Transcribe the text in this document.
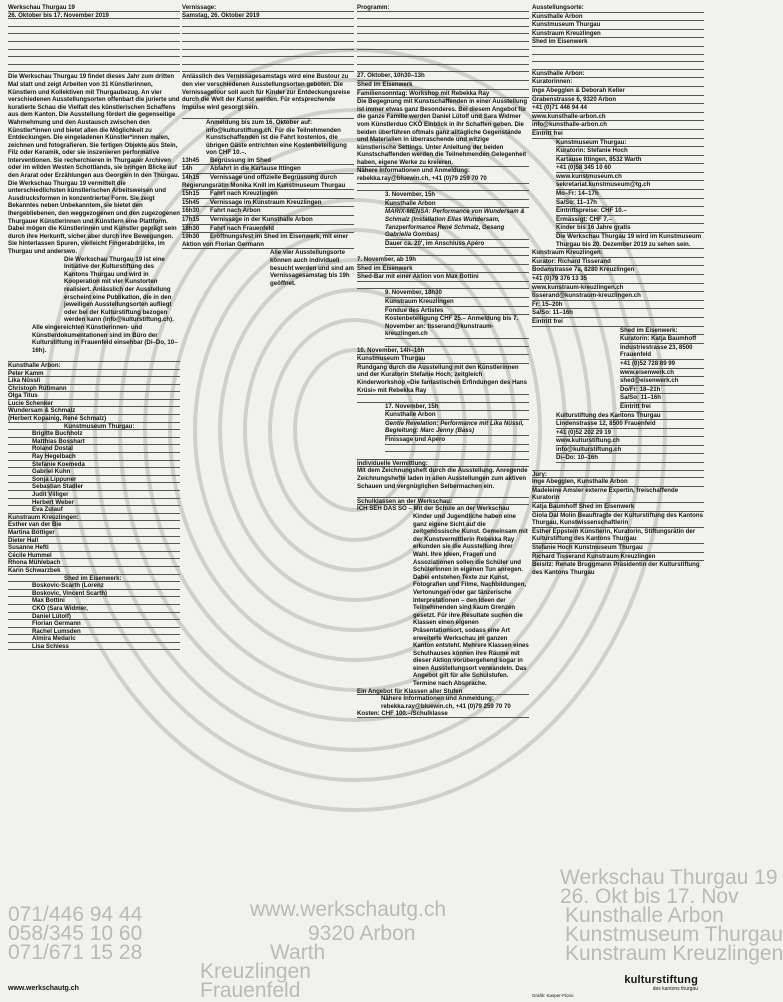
Werkschau Thurgau 19
26. Okt bis 17. Nov
Kunsthalle Arbon
Kunstmuseum Thurgau
Kunstraum Kreuzlingen
www.werkschautg.ch
071/446 94 44
058/345 10 60
071/671 15 28
9320 Arbon
Warth
Kreuzlingen
Frauenfeld
Werkschau Thurgau 19
26. Oktober bis 17. November 2019
Die Werkschau Thurgau 19 findet dieses Jahr zum dritten Mal statt und zeigt Arbeiten von 31 Künstlerinnen, Künstlern und Kollektiven mit Thurgaubezug. An vier verschiedenen Ausstellungsorten offenbart die jurierte und kuratierte Schau die Vielfalt des künstlerischen Schaffens aus dem Kanton. Die Ausstellung fördert die gegenseitige Wahrnehmung und den Austausch zwischen den Künstler*innen und bietet allen die Möglichkeit zu Entdeckungen. Die eingeladenen Künstler*innen malen, zeichnen und fotografieren. Sie fertigen Objekte aus Stein, Filz oder Keramik, oder sie inszenieren performative Interventionen. Sie recherchieren in Thurgauer Archiven oder im wilden Westen Schottlands, sie bringen Blicke auf den Ararat oder Erzählungen aus Georgien in den Thurgau. Die Werkschau Thurgau 19 vermittelt die unterschiedlichsten künstlerischen Arbeitsweisen und Ausdrucksformen in konzentrierter Form. Sie zeigt Bekanntes neben Unbekanntem, sie bietet den Ihergebliebenen, den weggezogenen und den zugezogenen Thurgauer Künstlerinnen und Künstlern eine Plattform. Dabei mögen die Künstlerinnen und Künstler geprägt sein durch ihre Herkunft, sicher aber durch ihre Bewegungen. Sie hinterlassen Spuren, vielleicht Fingerabdrücke, im Thurgau und anderswo.
Die Werkschau Thurgau 19 ist eine Initiative der Kulturstiftung des Kantons Thurgau und wird in Kooperation mit vier Kunstorten realisiert. Anlässlich der Ausstellung erscheint eine Publikation, die in den jeweiligen Ausstellungsorten aufliegt oder bei der Kulturstiftung bezogen werden kann (info@kulturstiftung.ch).
Alle eingereichten Künstlerinnen- und Künstlerdokumentationen sind im Büro der Kulturstiftung in Frauenfeld einsehbar (Di–Do, 10–16h).
Kunsthalle Arbon:
Peter Kamm
Lika Nüssli
Christoph Rütimann
Olga Titus
Lucie Schenker
Wundersam & Schmalz
(Herbert Kopainig, René Schmalz)
Kunstmuseum Thurgau:
Brigitte Buchholz
Matthias Bosshart
Roland Dostal
Ray Hegelbach
Stefanie Koemeda
Gabriel Kuhn
Sonja Lippuner
Sebastian Stadler
Judit Villiger
Herbert Weber
Eva Zulauf
Kunstraum Kreuzlingen:
Esther van der Bie
Martina Böttiger
Dieter Hall
Susanne Hefti
Cécile Hummel
Rhona Mühlebach
Karin Schwarzbek
Shed im Eisenwerk:
Boskovic-Scarth (Lorenz
Boskovic, Vincent Scarth)
Max Bottini
CKÖ (Sara Widmer,
Daniel Lütolf)
Florian Germann
Rachel Lumsden
Almira Medaric
Lisa Schiess
Vernissage:
Samstag, 26. Oktober 2019
Anlässlich des Vernissagesamstags wird eine Bustour zu den vier verschiedenen Ausstellungsorten geboten. Die Vernissagetour soll auch für Kinder zur Entdeckungsreise durch die Welt der Kunst werden. Für entsprechende Impulse wird gesorgt sein.
Anmeldung bis zum 16. Oktober auf: info@kulturstiftung.ch. Für die Teilnehmenden Kunstschaffenden ist die Fahrt kostenlos, die übrigen Gäste entrichten eine Kostenbeteiligung von CHF 10.–.
13h45 Begrüssung im Shed
14h	Abfahrt in die Kartause Ittingen
14h15 Vernissage und offizielle Begrüssung durch Regierungsrätin Monika Knill im Kunstmuseum Thurgau
15h15 Fahrt nach Kreuzlingen
15h45 Vernissage im Kunstraum Kreuzlingen
16h30 Fahrt nach Arbon
17h15 Vernissage in der Kunsthalle Arbon
18h30 Fahrt nach Frauenfeld
19h30 Eröffnungsfest im Shed im Eisenwerk, mit einer Aktion von Florian Germann
Alle vier Ausstellungsorte können auch individuell besucht werden und sind am Vernissagesamstag bis 19h geöffnet.
Programm:
27. Oktober, 10h30–13h
Shed im Eisenwerk
Familiensonntag: Workshop mit Rebekka Ray
Die Begegnung mit Kunstschaffenden in einer Ausstellung ist immer etwas ganz Besonderes. Bei diesem Angebot für die ganze Familie werden Daniel Lütolf und Sara Widmer vom Künstlerduo CKÖ Einblick in ihr Schaffen geben. Die beiden überführen oftmals ganz alltägliche Gegenstände und Materialien in überraschende und witzige künstlerische Settings. Unter Anleitung der beiden Kunstschaffenden werden die Teilnehmenden Gelegenheit haben, eigene Werke zu kreieren.
Nähere Informationen und Anmeldung: rebekka.ray@bluewin.ch, +41 (0)79 259 70 70
3. November, 15h
Kunsthalle Arbon
MARIX-MENSA: Performance von Wundersam & Schmalz (Installation Ellas Wundersam, Tanzperformance René Schmalz, Gesang Gabriella Gombas)
Dauer ca. 20', im Anschluss Apéro
7. November, ab 19h
Shed im Eisenwerk
Shed-Bar mit einer Aktion von Max Bottini
9. November, 18h30
Kunstraum Kreuzlingen
Fondue des Artistes
Kostenbeteiligung CHF 25.– Anmeldung bis 7. November an: tisserand@kunstraum-kreuzlingen.ch
10. November, 14h–16h
Kunstmuseum Thurgau
Rundgang durch die Ausstellung mit den Künstlerinnen und der Kuratorin Stefanie Hoch; zeitgleich Kinderworkshop «Die fantastischen Erfindungen des Hans Krüsi» mit Rebekka Ray
17. November, 15h
Kunsthalle Arbon
Gentle Revelation: Performance mit Lika Nüssli, Begleitung: Marc Jenny (Bass)
Finissage und Apéro
Individuelle Vermittlung:
Mit dem Zeichnungsheft durch die Ausstellung. Anregende Zeichnungshefte laden in allen Ausstellungen zum aktiven Schauen und vergnüglichen Selbermachen ein.
Schulklassen an der Werkschau:
ICH SEH DAS SO – Mit der Schule an der Werkschau
Kinder und Jugendliche haben eine ganz eigene Sicht auf die zeitgenössische Kunst. Gemeinsam mit der Kunstvermittlerin Rebekka Ray erkunden sie die Ausstellung ihrer Wahl. Ihre Ideen, Fragen und Assoziationen sollen die Schüler und Schülerinnen in eigenen Tun anregen. Dabei entstehen Texte zur Kunst, Fotografien und Filme, Nachbildungen, Vertonungen oder gar tänzerische Interpretationen – den Ideen der Teilnehmenden sind kaum Grenzen gesetzt. Für ihre Resultate suchen die Klassen einen eigenen Präsentationsort, sodass eine Art erweiterte Werkschau im ganzen Kanton entsteht. Mehrere Klassen eines Schulhauses können ihre Räume mit dieser Aktion vorübergehend sogar in einen Ausstellungsort verwandeln. Das Angebot gilt für alle Schulstufen. Termine nach Absprache.
Ein Angebot für Klassen aller Stufen
Nähere Informationen und Anmeldung: rebekka.ray@bluewin.ch, +41 (0)79 259 70 70
Kosten: CHF 100.–/Schulklasse
Ausstellungsorte:
Kunsthalle Arbon
Kunstmuseum Thurgau
Kunstraum Kreuzlingen
Shed im Eisenwerk
Kunsthalle Arbon:
Kuratorinnen:
Inge Abegglen & Deborah Keller
Grabenstrasse 6, 9320 Arbon
+41 (0)71 446 94 44
www.kunsthalle-arbon.ch
info@kunsthalle-arbon.ch
Eintritt frei
Kunstmuseum Thurgau:
Kuratorin: Stefanie Hoch
Kartause Ittingen, 8532 Warth
+41 (0)58 345 10 60
www.kunstmuseum.ch
sekretariat.kunstmuseum@tg.ch
Mo–Fr: 14–17h
Sa/So: 11–17h
Eintrittspreise: CHF 10.–
Ermässigt: CHF 7.–
Kinder bis 16 Jahre gratis
Die Werkschau Thurgau 19 wird im Kunstmuseum Thurgau bis 20. Dezember 2019 zu sehen sein.
Kunstraum Kreuzlingen:
Kurator: Richard Tisserand
Bodanstrasse 7a, 8280 Kreuzlingen
+41 (0)79 376 13 35
www.kunstraum-kreuzlingen.ch
tisserand@kunstraum-kreuzlingen.ch
Fr: 15–20h
Sa/So: 11–16h
Eintritt frei
Shed im Eisenwerk:
Kuratorin: Katja Baumhoff
Industriestrasse 23, 8500 Frauenfeld
+41 (0)52 728 89 99
www.eisenwerk.ch
shed@eisenwerk.ch
Do/Fr: 18–21h
Sa/So: 11–16h
Eintritt frei
Kulturstiftung des Kantons Thurgau
Lindenstrasse 12, 8500 Frauenfeld
+41 (0)52 202 29 19
www.kulturstiftung.ch
info@kulturstiftung.ch
Di–Do: 10–16h
Jury:
Inge Abegglen, Kunsthalle Arbon
Madeleine Amsler externe Expertin, freischaffende Kuratorin
Katja Baumhoff Shed im Eisenwerk
Giola Dal Molin Beauftragte der Kulturstiftung des Kantons Thurgau, Kunstwissenschaftlerin
Esther Eppstein Künstlerin, Kuratorin, Stiftungsrätin der Kulturstiftung des Kantons Thurgau
Stefanie Hoch Kunstmuseum Thurgau
Richard Tisserand Kunstraum Kreuzlingen
Beisitz: Renate Bruggmann Präsidentin der Kulturstiftung des Kantons Thurgau
www.werkschautg.ch
kulturstiftung
des kantons thurgau
Grafik: Kasper-Florio
